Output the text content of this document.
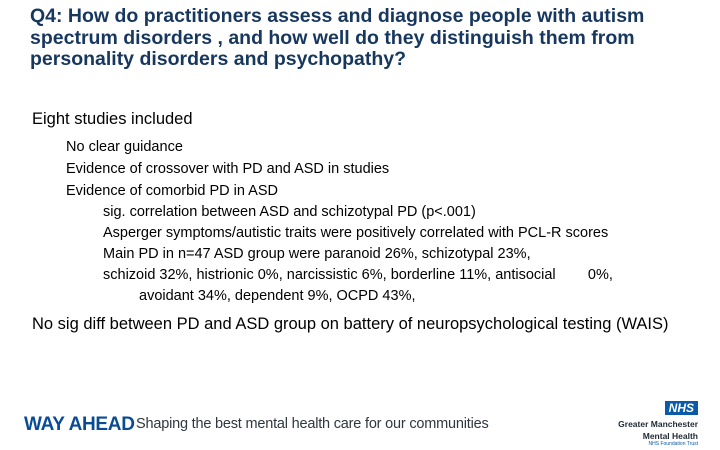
Q4: How do practitioners assess and diagnose people with autism spectrum disorders , and how well do they distinguish them from personality disorders and psychopathy?
Eight studies included
No clear guidance
Evidence of crossover with PD and ASD in studies
Evidence of comorbid PD in ASD
sig. correlation between ASD and schizotypal PD (p<.001)
Asperger symptoms/autistic traits were positively correlated with PCL-R scores
Main PD in n=47 ASD group were paranoid 26%, schizotypal 23%,
schizoid 32%, histrionic 0%, narcissistic 6%, borderline 11%, antisocial        0%,
avoidant 34%, dependent 9%, OCPD 43%,
No sig diff between PD and ASD group on battery of neuropsychological testing (WAIS)
WAY AHEAD Shaping the best mental health care for our communities
NHS
Greater Manchester
Mental Health
NHS Foundation Trust
